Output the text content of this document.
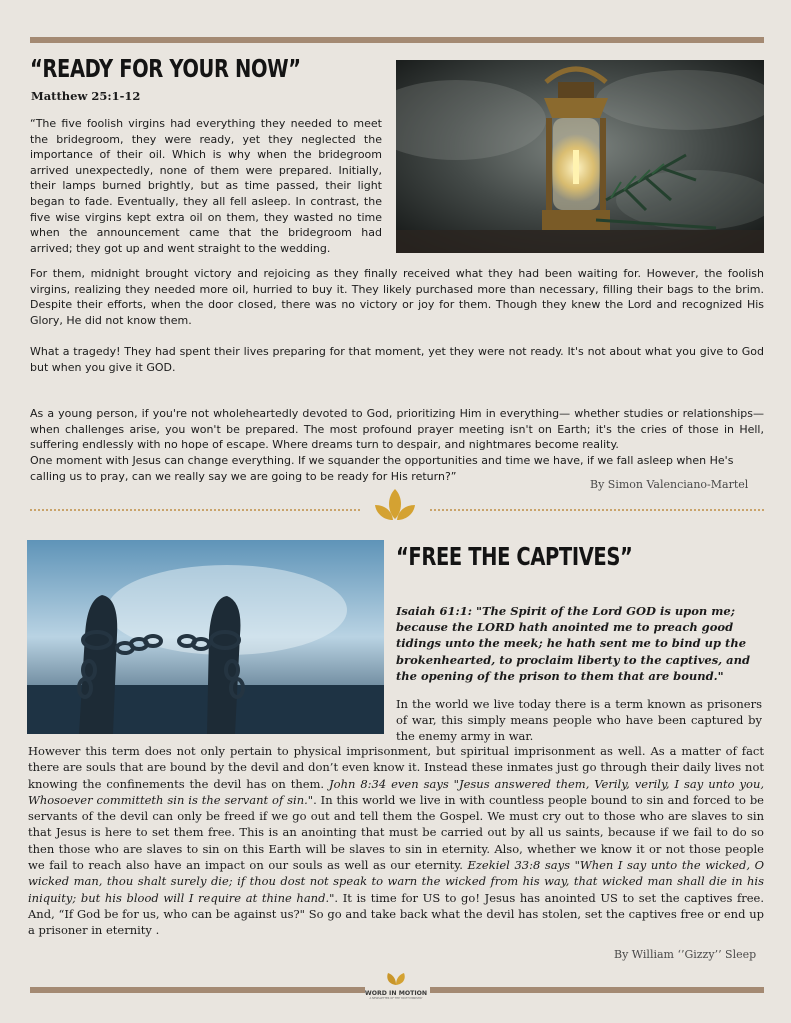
“READY FOR YOUR NOW”
Matthew 25:1-12

“The five foolish virgins had everything they needed to meet the bridegroom, they were ready, yet they neglected the importance of their oil. Which is why when the bridegroom arrived unexpectedly, none of them were prepared. Initially, their lamps burned brightly, but as time passed, their light began to fade. Eventually, they all fell asleep. In contrast, the five wise virgins kept extra oil on them, they wasted no time when the announcement came that the bridegroom had arrived; they got up and went straight to the wedding.

For them, midnight brought victory and rejoicing as they finally received what they had been waiting for. However, the foolish virgins, realizing they needed more oil, hurried to buy it. They likely purchased more than necessary, filling their bags to the brim. Despite their efforts, when the door closed, there was no victory or joy for them. Though they knew the Lord and recognized His Glory, He did not know them.

What a tragedy! They had spent their lives preparing for that moment, yet they were not ready. It's not about what you give to God but when you give it GOD.

As a young person, if you're not wholeheartedly devoted to God, prioritizing Him in everything— whether studies or relationships— when challenges arise, you won't be prepared. The most profound prayer meeting isn't on Earth; it's the cries of those in Hell, suffering endlessly with no hope of escape. Where dreams turn to despair, and nightmares become reality.

One moment with Jesus can change everything. If we squander the opportunities and time we have, if we fall asleep when He's calling us to pray, can we really say we are going to be ready for His return?”

By Simon Valenciano-Martel
“FREE THE CAPTIVES”

Isaiah 61:1: "The Spirit of the Lord GOD is upon me; because the LORD hath anointed me to preach good tidings unto the meek; he hath sent me to bind up the brokenhearted, to proclaim liberty to the captives, and the opening of the prison to them that are bound."

In the world we live today there is a term known as prisoners of war, this simply means people who have been captured by the enemy army in war.

However this term does not only pertain to physical imprisonment, but spiritual imprisonment as well. As a matter of fact there are souls that are bound by the devil and don’t even know it. Instead these inmates just go through their daily lives not knowing the confinements the devil has on them. John 8:34 even says "Jesus answered them, Verily, verily, I say unto you, Whosoever committeth sin is the servant of sin.". In this world we live in with countless people bound to sin and forced to be servants of the devil can only be freed if we go out and tell them the Gospel. We must cry out to those who are slaves to sin that Jesus is here to set them free. This is an anointing that must be carried out by all us saints, because if we fail to do so then those who are slaves to sin on this Earth will be slaves to sin in eternity. Also, whether we know it or not those people we fail to reach also have an impact on our souls as well as our eternity. Ezekiel 33:8 says "When I say unto the wicked, O wicked man, thou shalt surely die; if thou dost not speak to warn the wicked from his way, that wicked man shall die in his iniquity; but his blood will I require at thine hand.". It is time for US to go! Jesus has anointed US to set the captives free. And, “If God be for us, who can be against us?" So go and take back what the devil has stolen, set the captives free or end up a prisoner in eternity .

By William ‘’Gizzy’’ Sleep
WORD IN MOTION
A NEWSLETTER OF THE YOUTH MINISTRY
